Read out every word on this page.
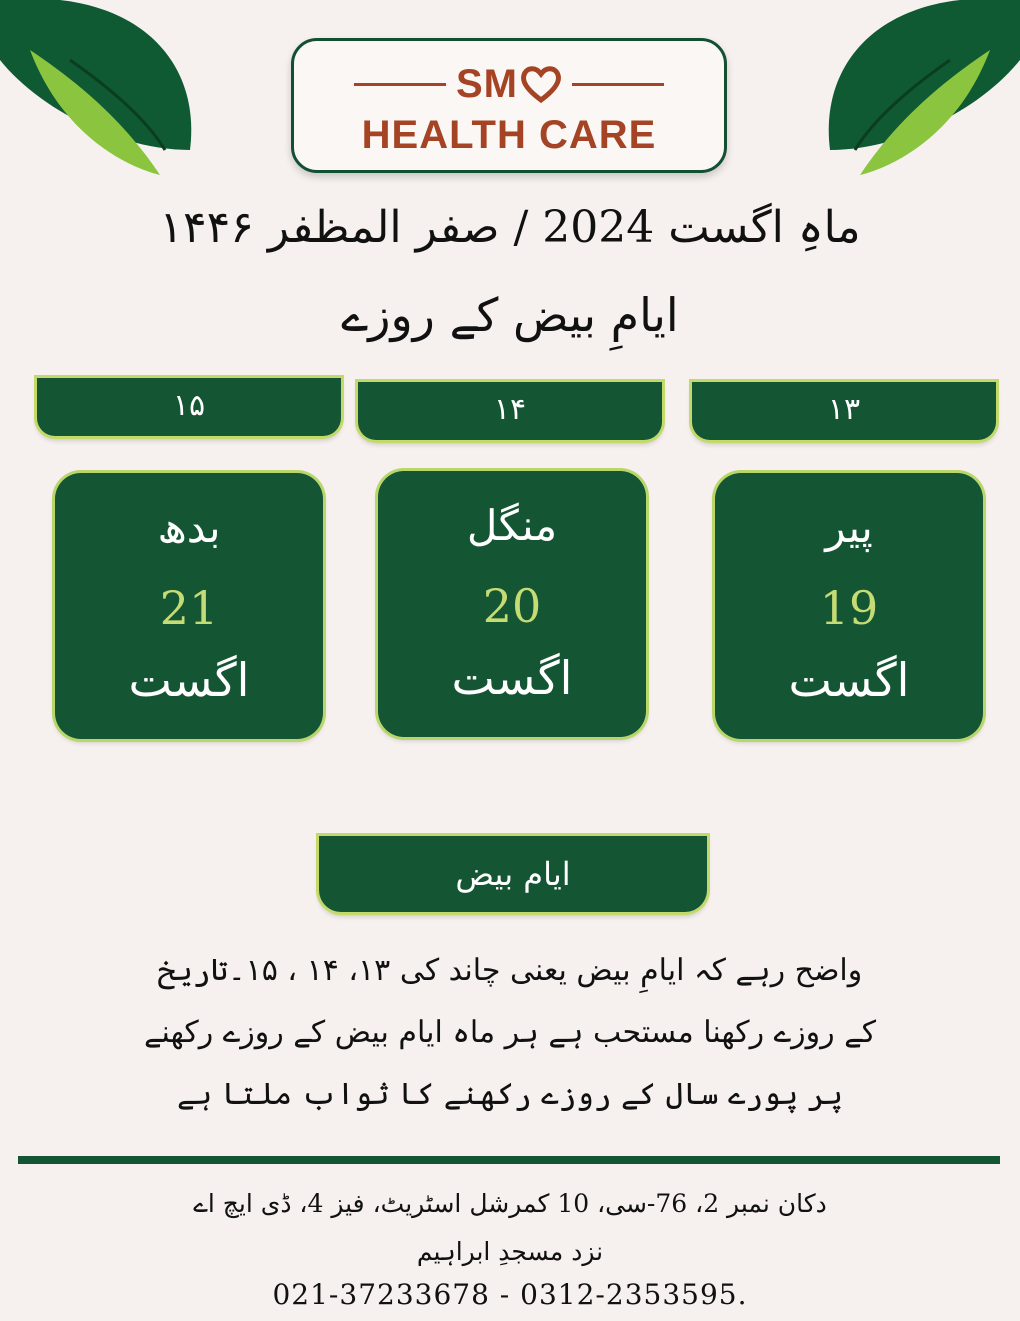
SM
HEALTH CARE
ماہِ اگست 2024 / صفر المظفر ۱۴۴۶
ایامِ بیض کے روزے
۱۳
۱۴
۱۵
پیر
19
اگست
منگل
20
اگست
بدھ
21
اگست
ایام بیض
واضح رہے کہ ایامِ بیض یعنی چاند کی ۱۳، ۱۴ ، ۱۵۔تاریخ
کے روزے رکھنا مستحب ہے ہر ماہ ایام بیض کے روزے رکھنے
پر پورے سال کے روزے رکھنے کا ثواب ملتا ہے
دکان نمبر 2، 76-سی، 10 کمرشل اسٹریٹ، فیز 4، ڈی ایچ اے
نزد مسجدِ ابراہیم
021-37233678 - 0312-2353595.
